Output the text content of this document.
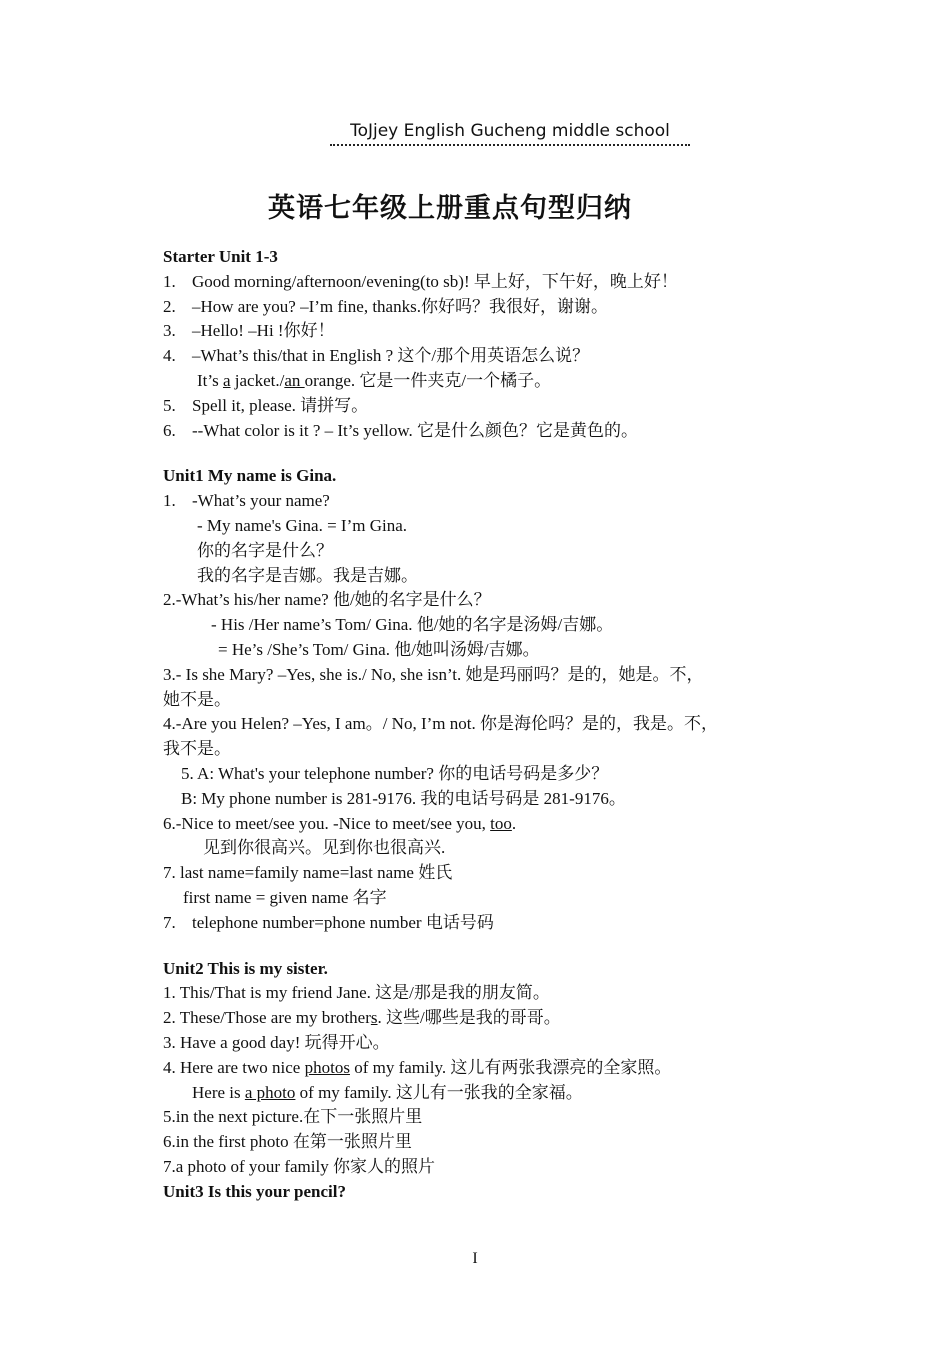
ToJjey English Gucheng middle school
英语七年级上册重点句型归纳
Starter Unit 1-3
1. Good morning/afternoon/evening(to sb)! 早上好，下午好，晚上好！
2. –How are you? –I’m fine, thanks.你好吗？我很好，谢谢。
3. –Hello! –Hi !你好！
4. –What’s this/that in English ? 这个/那个用英语怎么说？
It’s a jacket./an orange. 它是一件夹克/一个橘子。
5. Spell it, please. 请拼写。
6. --What color is it ? – It’s yellow. 它是什么颜色？它是黄色的。
Unit1 My name is Gina.
1. -What’s your name?
- My name's Gina. = I’m Gina.
你的名字是什么？
我的名字是吉娜。我是吉娜。
2.-What’s his/her name? 他/她的名字是什么？
- His /Her name’s Tom/ Gina. 他/她的名字是汤姆/吉娜。
= He’s /She’s Tom/ Gina. 他/她叫汤姆/吉娜。
3.- Is she Mary? –Yes, she is./ No, she isn’t. 她是玛丽吗？是的，她是。不，
她不是。
4.-Are you Helen? –Yes, I am。/ No, I’m not. 你是海伦吗？是的，我是。不，
我不是。
5. A: What's your telephone number? 你的电话号码是多少？
B: My phone number is 281-9176. 我的电话号码是 281-9176。
6.-Nice to meet/see you. -Nice to meet/see you, too.
见到你很高兴。见到你也很高兴.
7. last name=family name=last name 姓氏
first name = given name 名字
7. telephone number=phone number 电话号码
Unit2 This is my sister.
1. This/That is my friend Jane. 这是/那是我的朋友简。
2. These/Those are my brothers. 这些/哪些是我的哥哥。
3. Have a good day! 玩得开心。
4. Here are two nice photos of my family. 这儿有两张我漂亮的全家照。
Here is a photo of my family. 这儿有一张我的全家福。
5.in the next picture.在下一张照片里
6.in the first photo 在第一张照片里
7.a photo of your family 你家人的照片
Unit3 Is this your pencil?
I
